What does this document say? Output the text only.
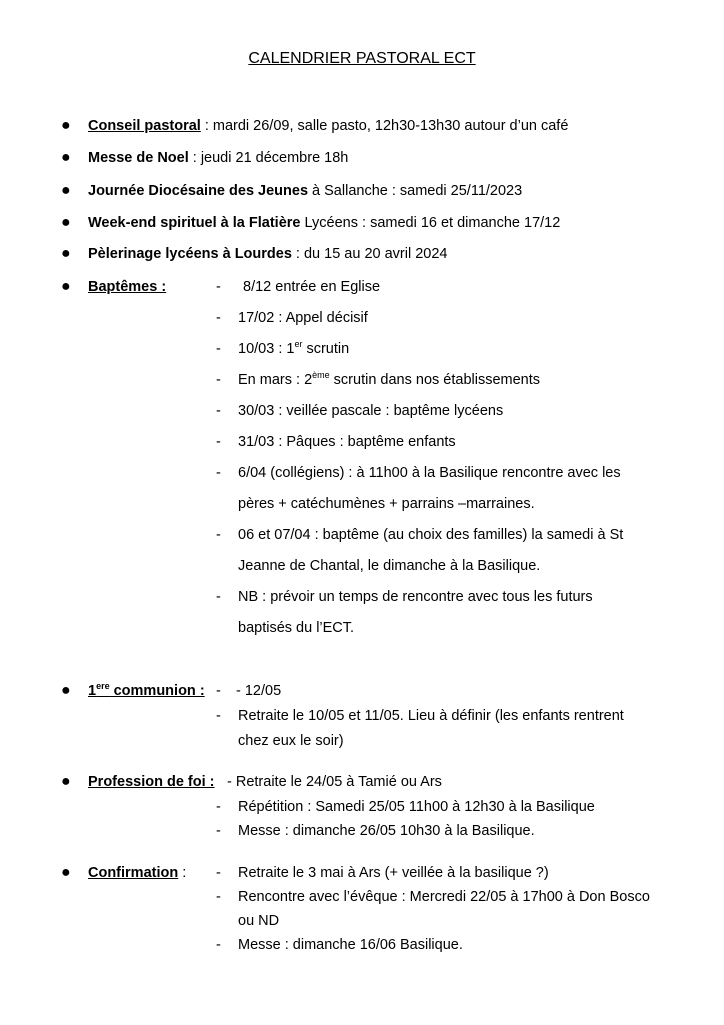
CALENDRIER PASTORAL ECT
● Conseil pastoral : mardi 26/09, salle pasto, 12h30-13h30 autour d’un café
● Messe de Noel : jeudi 21 décembre 18h
● Journée Diocésaine des Jeunes à Sallanche : samedi 25/11/2023
● Week-end spirituel à la Flatière Lycéens : samedi 16 et dimanche 17/12
● Pèlerinage lycéens à Lourdes : du 15 au 20 avril 2024
● Baptêmes :	- 8/12 entrée en Eglise
- 17/02 : Appel décisif
- 10/03 : 1er scrutin
- En mars : 2ème scrutin dans nos établissements
- 30/03 : veillée pascale : baptême lycéens
- 31/03 : Pâques : baptême enfants
- 6/04 (collégiens) : à 11h00 à la Basilique rencontre avec les
pères + catéchumènes + parrains –marraines.
- 06 et 07/04 : baptême (au choix des familles) la samedi à St
Jeanne de Chantal, le dimanche à la Basilique.
- NB : prévoir un temps de rencontre avec tous les futurs
baptisés du l’ECT.
● 1ere communion : - - 12/05
- Retraite le 10/05 et 11/05. Lieu à définir (les enfants rentrent
chez eux le soir)
● Profession de foi : - Retraite le 24/05 à Tamié ou Ars
- Répétition : Samedi 25/05 11h00 à 12h30 à la Basilique
- Messe : dimanche 26/05 10h30 à la Basilique.
● Confirmation : - Retraite le 3 mai à Ars (+ veillée à la basilique ?)
- Rencontre avec l’évêque : Mercredi 22/05 à 17h00 à Don Bosco
ou ND
- Messe : dimanche 16/06 Basilique.
